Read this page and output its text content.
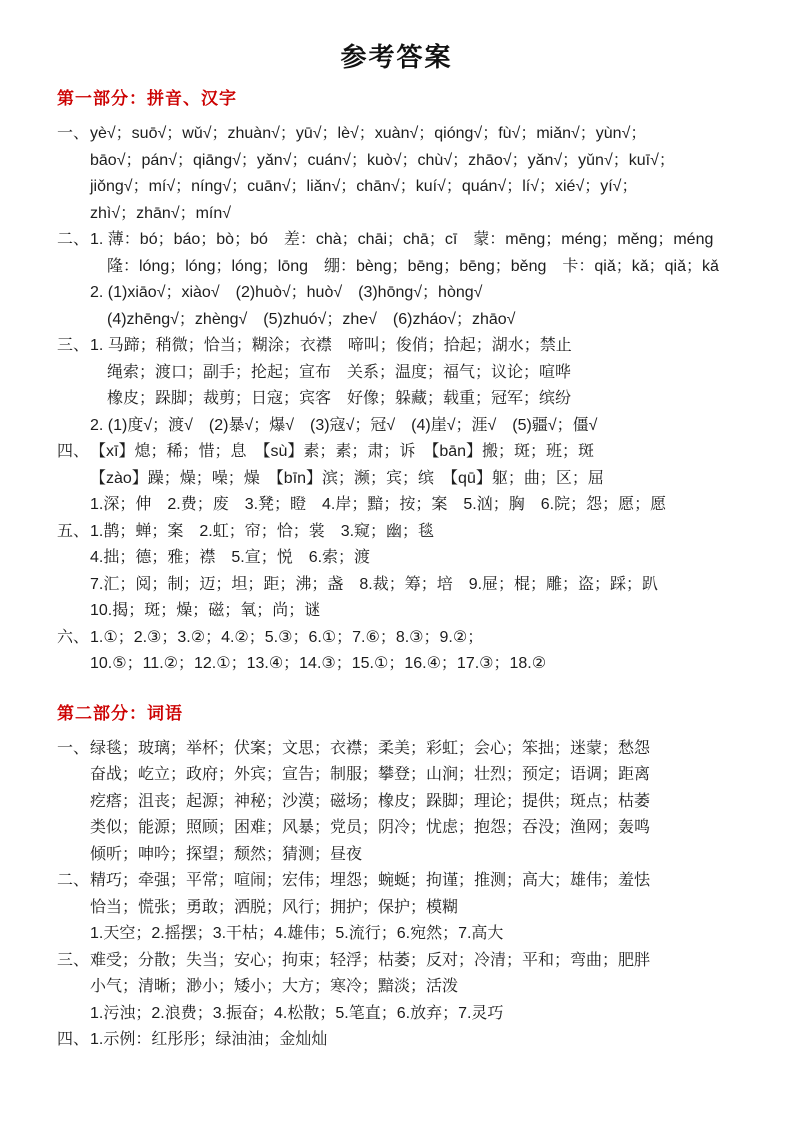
参考答案
第一部分：拼音、汉字
一、 yè√；suō√；wǔ√；zhuàn√；yū√；lè√；xuàn√；qióng√；fù√；miǎn√；yùn√；
bāo√；pán√；qiāng√；yǎn√；cuán√；kuò√；chù√；zhāo√；yǎn√；yǔn√；kuī√；
jiǒng√；mí√；níng√；cuān√；liǎn√；chān√；kuí√；quán√；lí√；xié√；yí√；
zhì√；zhān√；mín√
二、 1. 薄：bó；báo；bò；bó　差：chà；chāi；chā；cī　蒙：mēng；méng；měng；méng
隆：lóng；lóng；lóng；lōng　绷：bèng；bēng；bēng；běng　卡：qiǎ；kǎ；qiǎ；kǎ
2. (1)xiāo√；xiào√　(2)huò√；huò√　(3)hōng√；hòng√
(4)zhēng√；zhèng√　(5)zhuó√；zhe√　(6)zháo√；zhāo√
三、 1. 马蹄；稍微；恰当；糊涂；衣襟　啼叫；俊俏；拾起；湖水；禁止
绳索；渡口；副手；抡起；宣布　关系；温度；福气；议论；喧哗
橡皮；跺脚；裁剪；日寇；宾客　好像；躲藏；载重；冠军；缤纷
2. (1)度√；渡√　(2)暴√；爆√　(3)寇√；冠√　(4)崖√；涯√　(5)疆√；僵√
四、 【xī】熄；稀；惜；息　【sù】素；素；肃；诉　【bān】搬；斑；班；斑
【zào】躁；燥；噪；燥　【bīn】滨；濒；宾；缤　【qū】躯；曲；区；屈
1.深；伸　2.费；废　3.凳；瞪　4.岸；黯；按；案　5.汹；胸　6.院；怨；愿；愿
五、 1.鹊；蝉；案　2.虹；帘；恰；裳　3.窥；幽；毯
4.拙；德；雅；襟　5.宣；悦　6.索；渡
7.汇；阅；制；迈；坦；距；沸；盏　8.裁；筹；培　9.屉；棍；雕；盗；踩；趴
10.揭；斑；燥；磁；氧；尚；谜
六、 1.①；2.③；3.②；4.②；5.③；6.①；7.⑥；8.③；9.②；
10.⑤；11.②；12.①；13.④；14.③；15.①；16.④；17.③；18.②
第二部分：词语
一、 绿毯；玻璃；举杯；伏案；文思；衣襟；柔美；彩虹；会心；笨拙；迷蒙；愁怨
奋战；屹立；政府；外宾；宣告；制服；攀登；山涧；壮烈；预定；语调；距离
疙瘩；沮丧；起源；神秘；沙漠；磁场；橡皮；跺脚；理论；提供；斑点；枯萎
类似；能源；照顾；困难；风暴；党员；阴冷；忧虑；抱怨；吞没；渔网；轰鸣
倾听；呻吟；探望；颓然；猜测；昼夜
二、 精巧；牵强；平常；喧闹；宏伟；埋怨；蜿蜒；拘谨；推测；高大；雄伟；羞怯
恰当；慌张；勇敢；洒脱；风行；拥护；保护；模糊
1.天空；2.摇摆；3.干枯；4.雄伟；5.流行；6.宛然；7.高大
三、 难受；分散；失当；安心；拘束；轻浮；枯萎；反对；冷清；平和；弯曲；肥胖
小气；清晰；渺小；矮小；大方；寒冷；黯淡；活泼
1.污浊；2.浪费；3.振奋；4.松散；5.笔直；6.放弃；7.灵巧
四、 1.示例：红彤彤；绿油油；金灿灿
